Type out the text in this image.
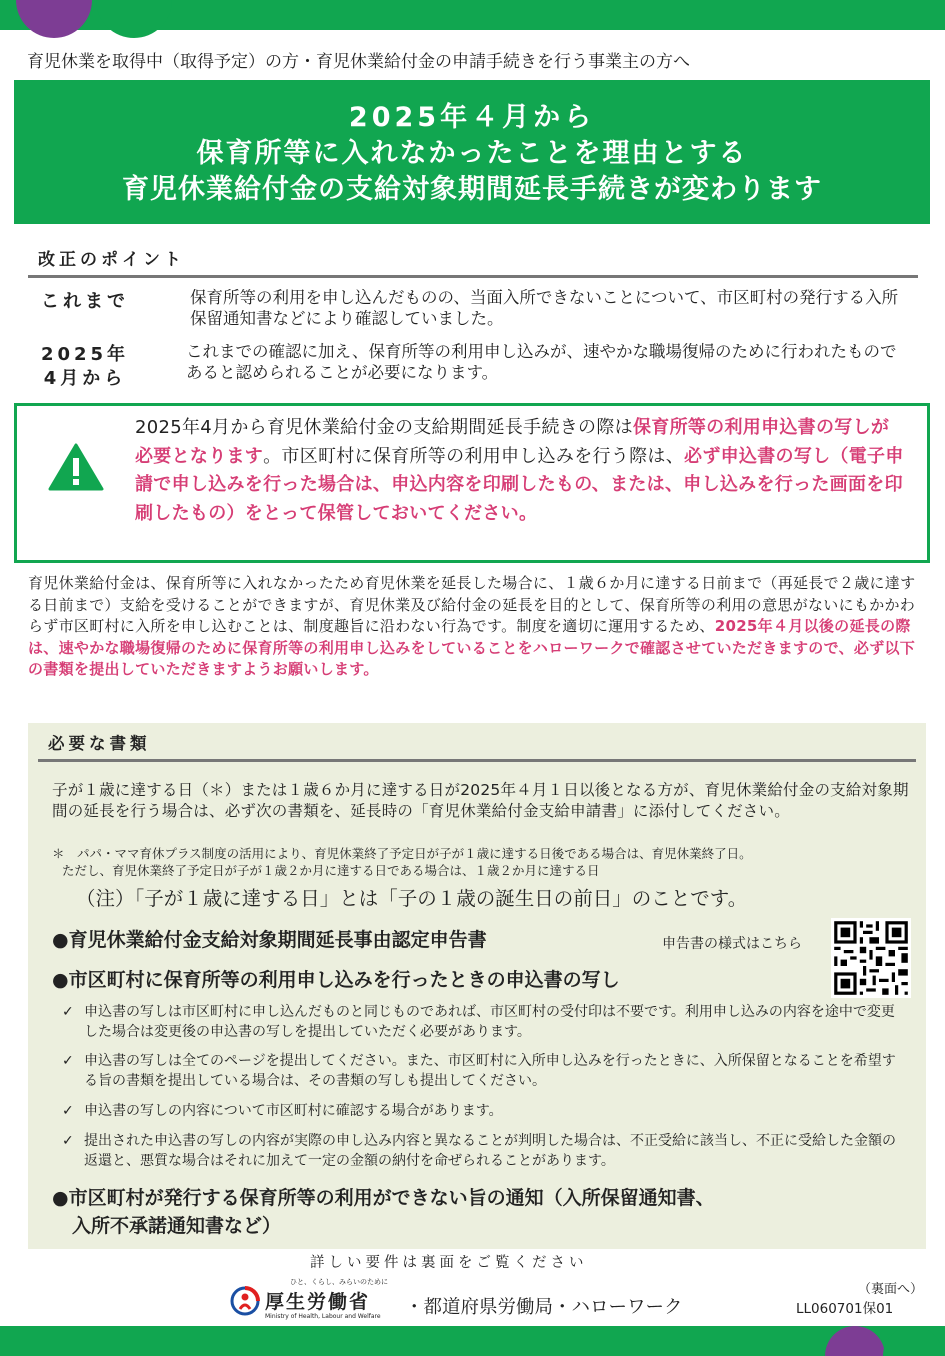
育児休業を取得中（取得予定）の方・育児休業給付金の申請手続きを行う事業主の方へ
2025年４月から
保育所等に入れなかったことを理由とする
育児休業給付金の支給対象期間延長手続きが変わります
改正のポイント
これまで	保育所等の利用を申し込んだものの、当面入所できないことについて、市区町村の発行する入所保留通知書などにより確認していました。
2025年
4月から
これまでの確認に加え、保育所等の利用申し込みが、速やかな職場復帰のために行われたものであると認められることが必要になります。
2025年4月から育児休業給付金の支給期間延長手続きの際は保育所等の利用申込書の写しが必要となります。市区町村に保育所等の利用申し込みを行う際は、必ず申込書の写し（電子申請で申し込みを行った場合は、申込内容を印刷したもの、または、申し込みを行った画面を印刷したもの）をとって保管しておいてください。
育児休業給付金は、保育所等に入れなかったため育児休業を延長した場合に、１歳６か月に達する日前まで（再延長で２歳に達する日前まで）支給を受けることができますが、育児休業及び給付金の延長を目的として、保育所等の利用の意思がないにもかかわらず市区町村に入所を申し込むことは、制度趣旨に沿わない行為です。制度を適切に運用するため、2025年４月以後の延長の際は、速やかな職場復帰のために保育所等の利用申し込みをしていることをハローワークで確認させていただきますので、必ず以下の書類を提出していただきますようお願いします。
必要な書類
子が１歳に達する日（＊）または１歳６か月に達する日が2025年４月１日以後となる方が、育児休業給付金の支給対象期間の延長を行う場合は、必ず次の書類を、延長時の「育児休業給付金支給申請書」に添付してください。
＊　パパ・ママ育休プラス制度の活用により、育児休業終了予定日が子が１歳に達する日後である場合は、育児休業終了日。
ただし、育児休業終了予定日が子が１歳２か月に達する日である場合は、１歳２か月に達する日
（注）「子が１歳に達する日」とは「子の１歳の誕生日の前日」のことです。
●育児休業給付金支給対象期間延長事由認定申告書	申告書の様式はこちら
●市区町村に保育所等の利用申し込みを行ったときの申込書の写し
✓ 申込書の写しは市区町村に申し込んだものと同じものであれば、市区町村の受付印は不要です。利用申し込みの内容を途中で変更した場合は変更後の申込書の写しを提出していただく必要があります。
✓ 申込書の写しは全てのページを提出してください。また、市区町村に入所申し込みを行ったときに、入所保留となることを希望する旨の書類を提出している場合は、その書類の写しも提出してください。
✓ 申込書の写しの内容について市区町村に確認する場合があります。
✓ 提出された申込書の写しの内容が実際の申し込み内容と異なることが判明した場合は、不正受給に該当し、不正に受給した金額の返還と、悪質な場合はそれに加えて一定の金額の納付を命ぜられることがあります。
●市区町村が発行する保育所等の利用ができない旨の通知（入所保留通知書、
入所不承諾通知書など）
詳しい要件は裏面をご覧ください
ひと、くらし、みらいのために
厚生労働省
Ministry of Health, Labour and Welfare ・都道府県労働局・ハローワーク
（裏面へ）
LL060701保01
